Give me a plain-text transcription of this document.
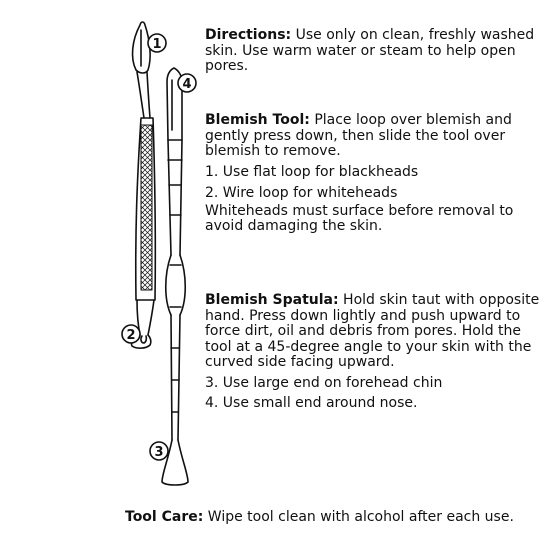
1
4
2
3

Directions: Use only on clean, freshly washed skin. Use warm water or steam to help open pores.

Blemish Tool: Place loop over blemish and gently press down, then slide the tool over blemish to remove.

1. Use flat loop for blackheads

2. Wire loop for whiteheads

Whiteheads must surface before removal to avoid damaging the skin.

Blemish Spatula: Hold skin taut with opposite hand. Press down lightly and push upward to force dirt, oil and debris from pores. Hold the tool at a 45-degree angle to your skin with the curved side facing upward.

3. Use large end on forehead chin

4. Use small end around nose.

Tool Care: Wipe tool clean with alcohol after each use.
